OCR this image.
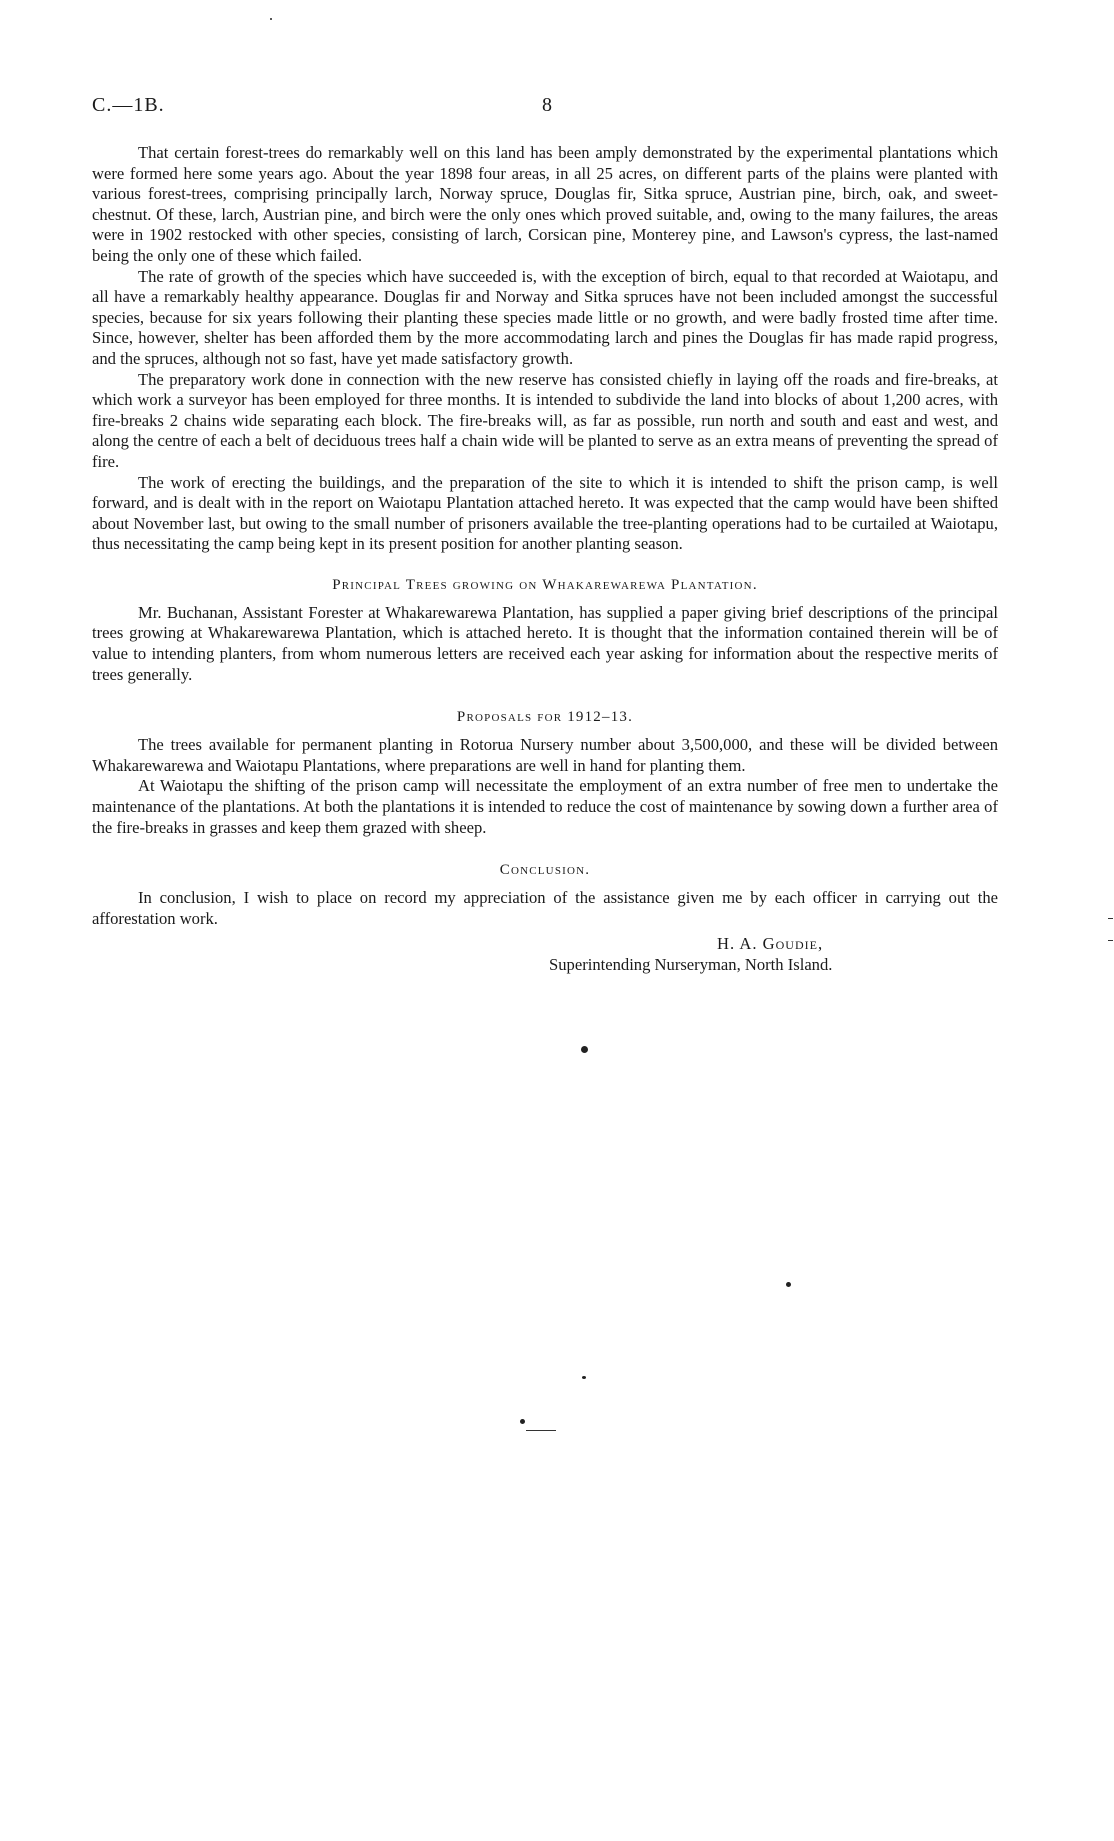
C.—1B.	8

That certain forest-trees do remarkably well on this land has been amply demonstrated by the experimental plantations which were formed here some years ago. About the year 1898 four areas, in all 25 acres, on different parts of the plains were planted with various forest-trees, comprising principally larch, Norway spruce, Douglas fir, Sitka spruce, Austrian pine, birch, oak, and sweet-chestnut. Of these, larch, Austrian pine, and birch were the only ones which proved suitable, and, owing to the many failures, the areas were in 1902 restocked with other species, consisting of larch, Corsican pine, Monterey pine, and Lawson's cypress, the last-named being the only one of these which failed.

The rate of growth of the species which have succeeded is, with the exception of birch, equal to that recorded at Waiotapu, and all have a remarkably healthy appearance. Douglas fir and Norway and Sitka spruces have not been included amongst the successful species, because for six years following their planting these species made little or no growth, and were badly frosted time after time. Since, however, shelter has been afforded them by the more accommodating larch and pines the Douglas fir has made rapid progress, and the spruces, although not so fast, have yet made satisfactory growth.

The preparatory work done in connection with the new reserve has consisted chiefly in laying off the roads and fire-breaks, at which work a surveyor has been employed for three months. It is intended to subdivide the land into blocks of about 1,200 acres, with fire-breaks 2 chains wide separating each block. The fire-breaks will, as far as possible, run north and south and east and west, and along the centre of each a belt of deciduous trees half a chain wide will be planted to serve as an extra means of preventing the spread of fire.

The work of erecting the buildings, and the preparation of the site to which it is intended to shift the prison camp, is well forward, and is dealt with in the report on Waiotapu Plantation attached hereto. It was expected that the camp would have been shifted about November last, but owing to the small number of prisoners available the tree-planting operations had to be curtailed at Waiotapu, thus necessitating the camp being kept in its present position for another planting season.

Principal Trees growing on Whakarewarewa Plantation.

Mr. Buchanan, Assistant Forester at Whakarewarewa Plantation, has supplied a paper giving brief descriptions of the principal trees growing at Whakarewarewa Plantation, which is attached hereto. It is thought that the information contained therein will be of value to intending planters, from whom numerous letters are received each year asking for information about the respective merits of trees generally.

Proposals for 1912–13.

The trees available for permanent planting in Rotorua Nursery number about 3,500,000, and these will be divided between Whakarewarewa and Waiotapu Plantations, where preparations are well in hand for planting them.

At Waiotapu the shifting of the prison camp will necessitate the employment of an extra number of free men to undertake the maintenance of the plantations. At both the plantations it is intended to reduce the cost of maintenance by sowing down a further area of the fire-breaks in grasses and keep them grazed with sheep.

Conclusion.

In conclusion, I wish to place on record my appreciation of the assistance given me by each officer in carrying out the afforestation work.

H. A. Goudie,
Superintending Nurseryman, North Island.
